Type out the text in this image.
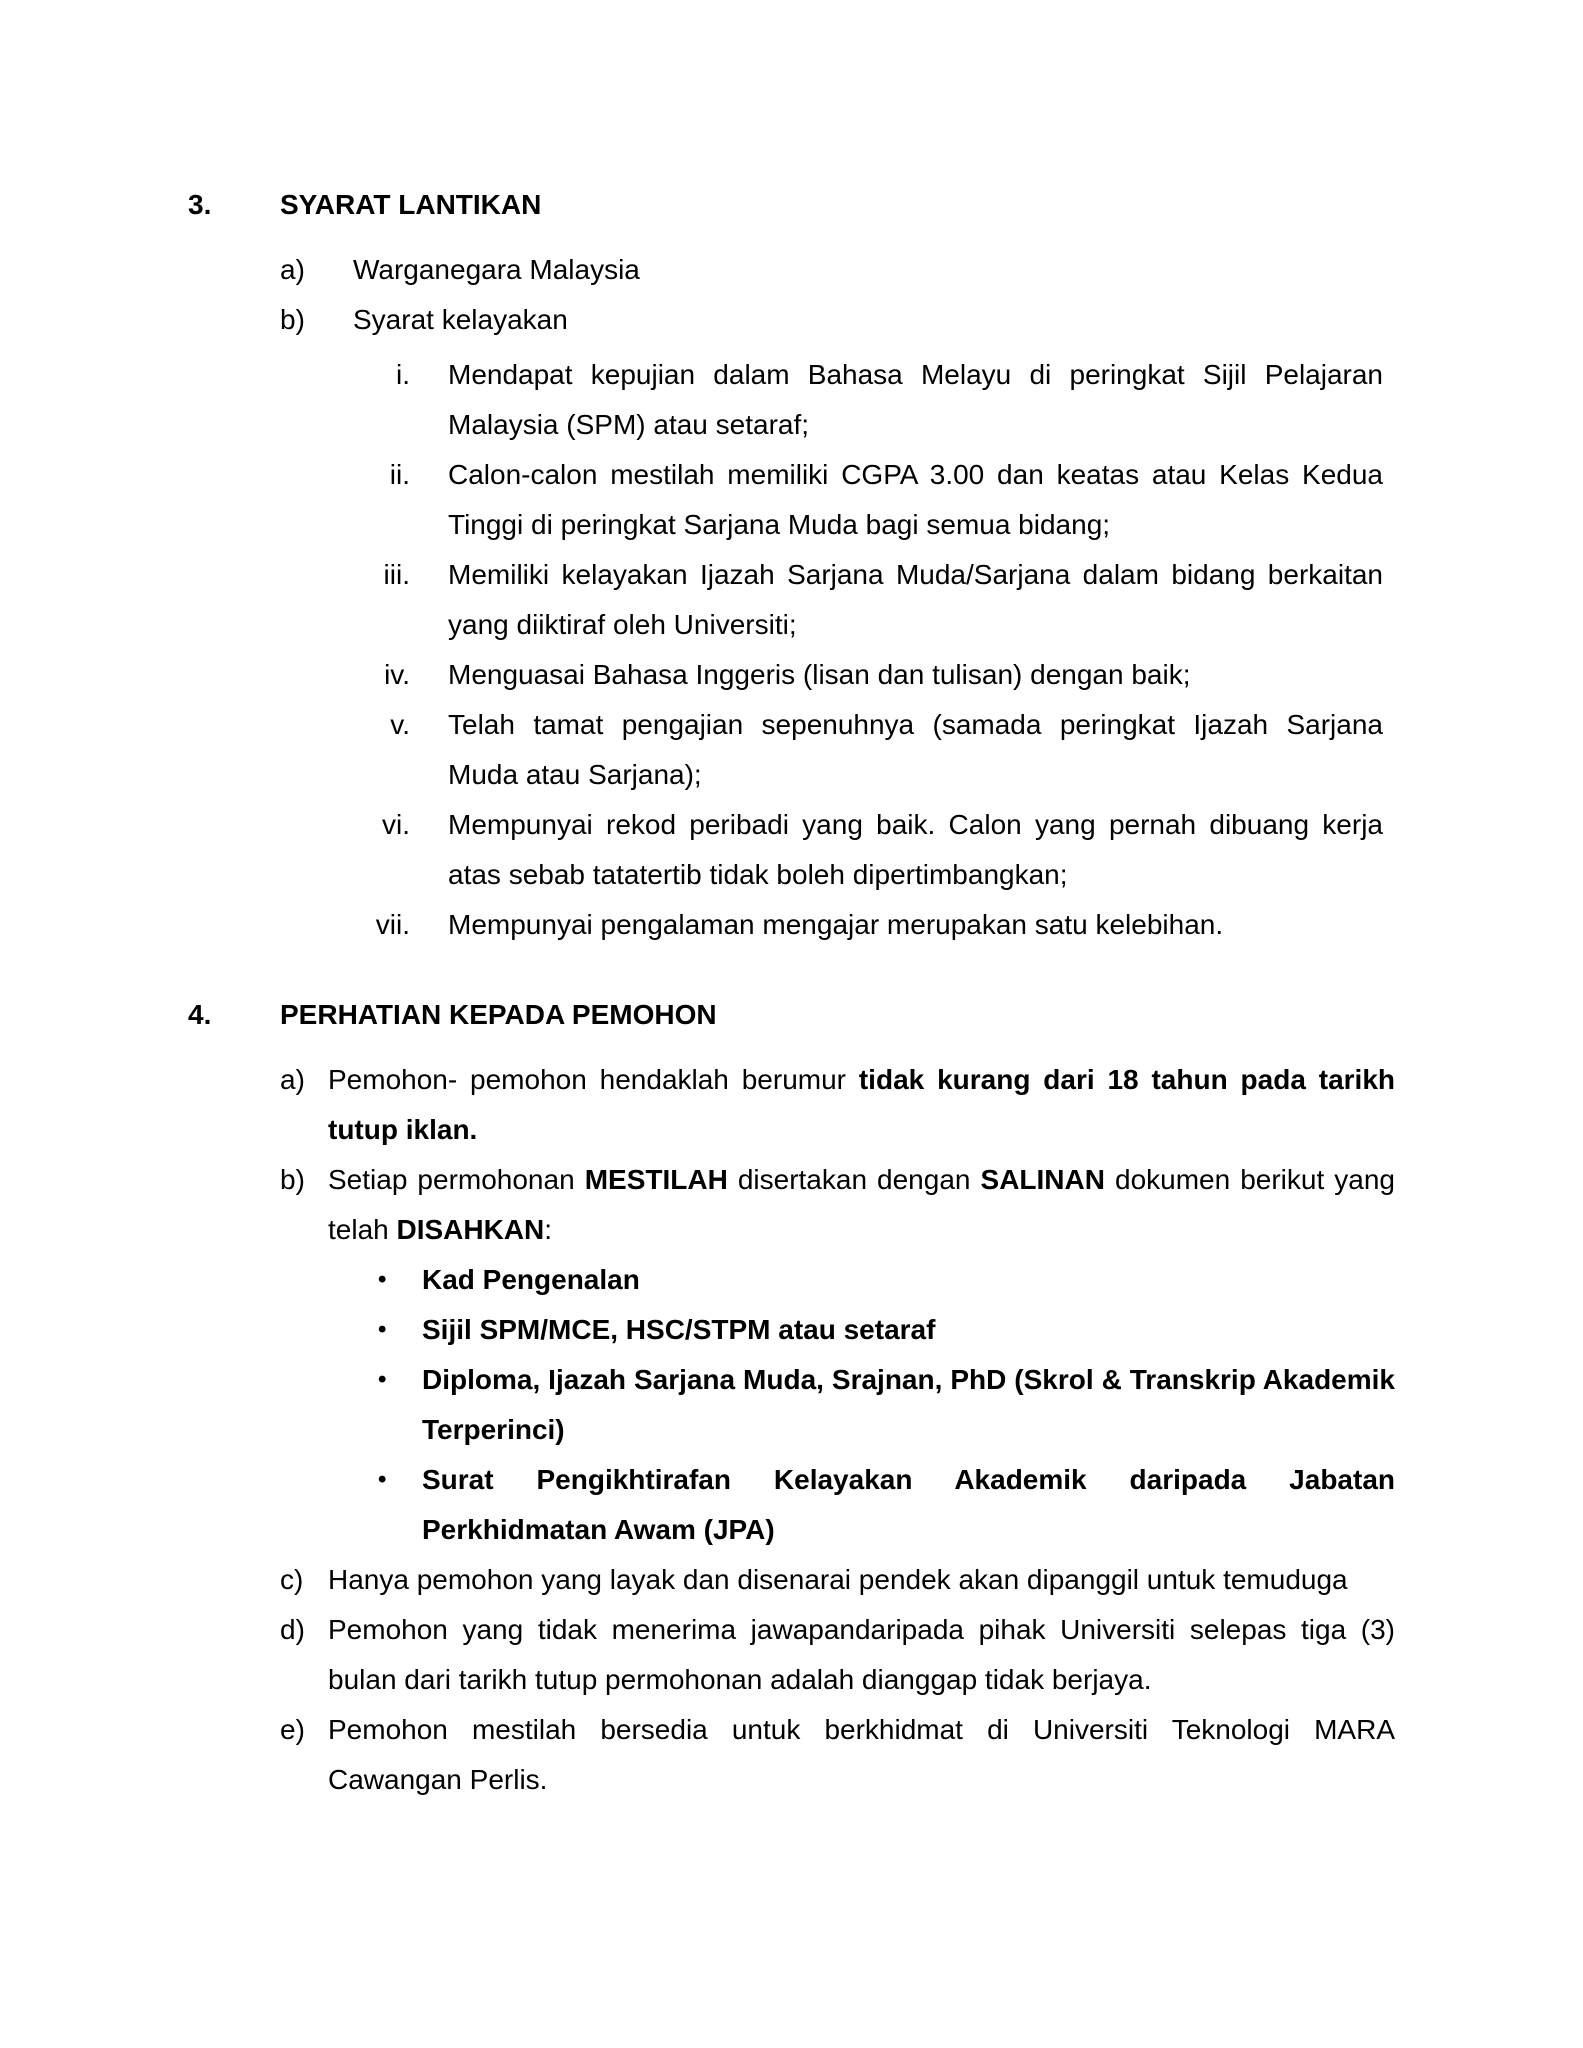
3.	SYARAT LANTIKAN
a)	Warganegara Malaysia
b)	Syarat kelayakan
i. Mendapat kepujian dalam Bahasa Melayu di peringkat Sijil Pelajaran Malaysia (SPM) atau setaraf;
ii. Calon-calon mestilah memiliki CGPA 3.00 dan keatas atau Kelas Kedua Tinggi di peringkat Sarjana Muda bagi semua bidang;
iii. Memiliki kelayakan Ijazah Sarjana Muda/Sarjana dalam bidang berkaitan yang diiktiraf oleh Universiti;
iv. Menguasai Bahasa Inggeris (lisan dan tulisan) dengan baik;
v. Telah tamat pengajian sepenuhnya (samada peringkat Ijazah Sarjana Muda atau Sarjana);
vi. Mempunyai rekod peribadi yang baik. Calon yang pernah dibuang kerja atas sebab tatatertib tidak boleh dipertimbangkan;
vii. Mempunyai pengalaman mengajar merupakan satu kelebihan.
4.	PERHATIAN KEPADA PEMOHON
a) Pemohon- pemohon hendaklah berumur tidak kurang dari 18 tahun pada tarikh tutup iklan.
b) Setiap permohonan MESTILAH disertakan dengan SALINAN dokumen berikut yang telah DISAHKAN:
•	Kad Pengenalan
•	Sijil SPM/MCE, HSC/STPM atau setaraf
•	Diploma, Ijazah Sarjana Muda, Srajnan, PhD (Skrol & Transkrip Akademik Terperinci)
•	Surat Pengikhtirafan Kelayakan Akademik daripada Jabatan Perkhidmatan Awam (JPA)
c) Hanya pemohon yang layak dan disenarai pendek akan dipanggil untuk temuduga
d) Pemohon yang tidak menerima jawapandaripada pihak Universiti selepas tiga (3) bulan dari tarikh tutup permohonan adalah dianggap tidak berjaya.
e) Pemohon mestilah bersedia untuk berkhidmat di Universiti Teknologi MARA Cawangan Perlis.
